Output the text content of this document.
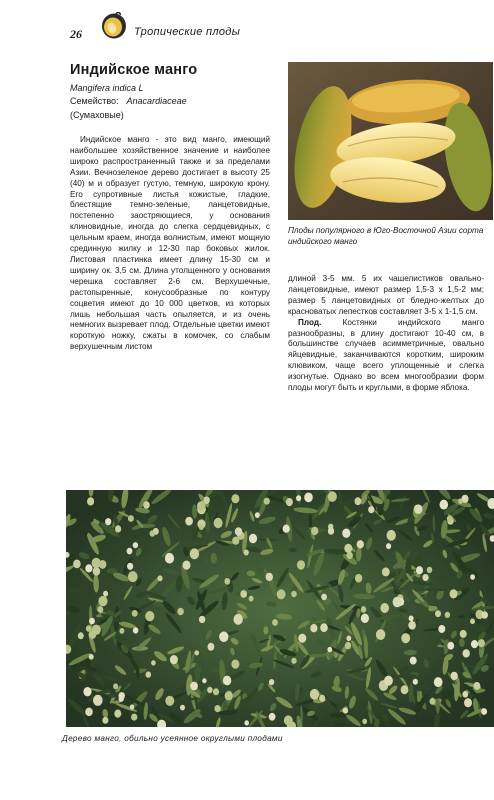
26	Тропические плоды
Индийское манго
Mangifera indica L
Семейство: Anacardiaceae
(Сумаховые)

Индийское манго - это вид манго, имеющий наибольшее хозяйственное значение и наиболее широко распространенный также и за пределами Азии. Вечнозеленое дерево достигает в высоту 25 (40) м и образует густую, темную, широкую крону. Его супротивные листья кожистые, гладкие, блестящие темно-зеленые, ланцетовидные, постепенно заостряющиеся, у основания клиновидные, иногда до слегка сердцевидных, с цельным краем, иногда волнистым, имеют мощную срединную жилку и 12-30 пар боковых жилок. Листовая пластинка имеет длину 15-30 см и ширину ок. 3,5 см. Длина утолщенного у основания черешка составляет 2-6 см. Верхушечные, растопыренные, конусообразные по контуру соцветия имеют до 10 000 цветков, из которых лишь небольшая часть опыляется, и из очень немногих вызревает плод. Отдельные цветки имеют короткую ножку, сжаты в комочек, со слабым верхушечным листом

Плоды популярного в Юго-Восточной Азии сорта индийского манго

длиной 3-5 мм. 5 их чашелистиков овально-ланцетовидные, имеют размер 1,5-3 х 1,5-2 мм; размер 5 ланцетовидных от бледно-желтых до красноватых лепестков составляет 3-5 х 1-1,5 см.

Плод.	Костянки индийского манго разнообразны, в длину достигают 10-40 см, в большинстве случаев асимметричные, овально яйцевидные, заканчиваются коротким, широким клювиком, чаще всего уплощенные и слегка изогнутые. Однако во всем многообразии форм плоды могут быть и круглыми, в форме яблока.

Дерево манго, обильно усеянное округлыми плодами
